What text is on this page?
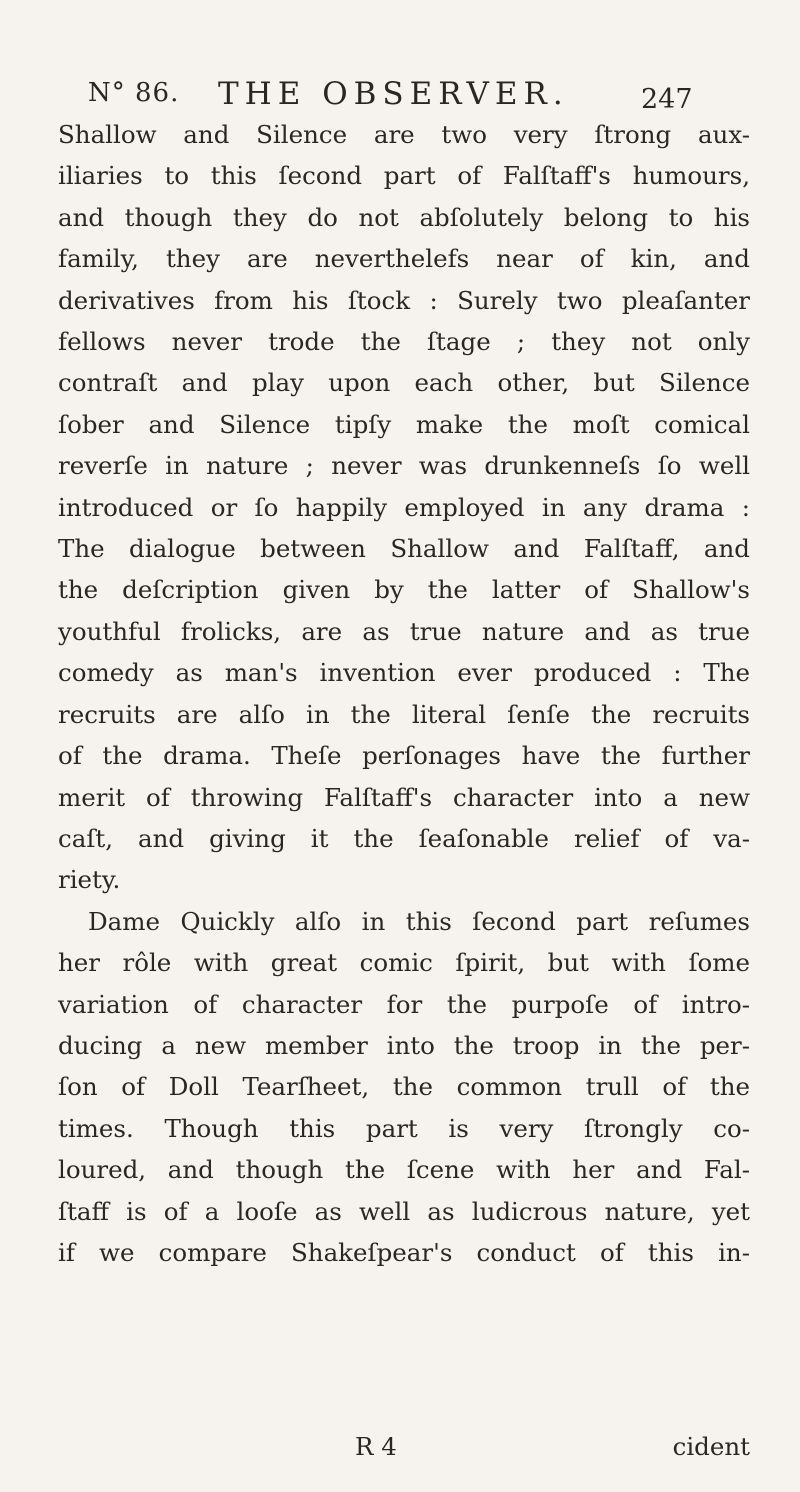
N° 86. THE OBSERVER.	247
Shallow and Silence are two very ſtrong aux-
iliaries to this ſecond part of Falſtaff's humours,
and though they do not abſolutely belong to his
family, they are neverthelefs near of kin, and
derivatives from his ſtock : Surely two pleaſanter
fellows never trode the ſtage ; they not only
contraſt and play upon each other, but Silence
ſober and Silence tipſy make the moſt comical
reverſe in nature ; never was drunkenneſs ſo well
introduced or ſo happily employed in any drama :
The dialogue between Shallow and Falſtaff, and
the deſcription given by the latter of Shallow's
youthful frolicks, are as true nature and as true
comedy as man's invention ever produced : The
recruits are alſo in the literal ſenſe the recruits
of the drama. Theſe perſonages have the further
merit of throwing Falſtaff's character into a new
caſt, and giving it the ſeaſonable relief of va-
riety.
Dame Quickly alſo in this ſecond part reſumes
her rôle with great comic ſpirit, but with ſome
variation of character for the purpoſe of intro-
ducing a new member into the troop in the per-
ſon of Doll Tearſheet, the common trull of the
times. Though this part is very ſtrongly co-
loured, and though the ſcene with her and Fal-
ſtaff is of a looſe as well as ludicrous nature, yet
if we compare Shakeſpear's conduct of this in-
R 4	cident
